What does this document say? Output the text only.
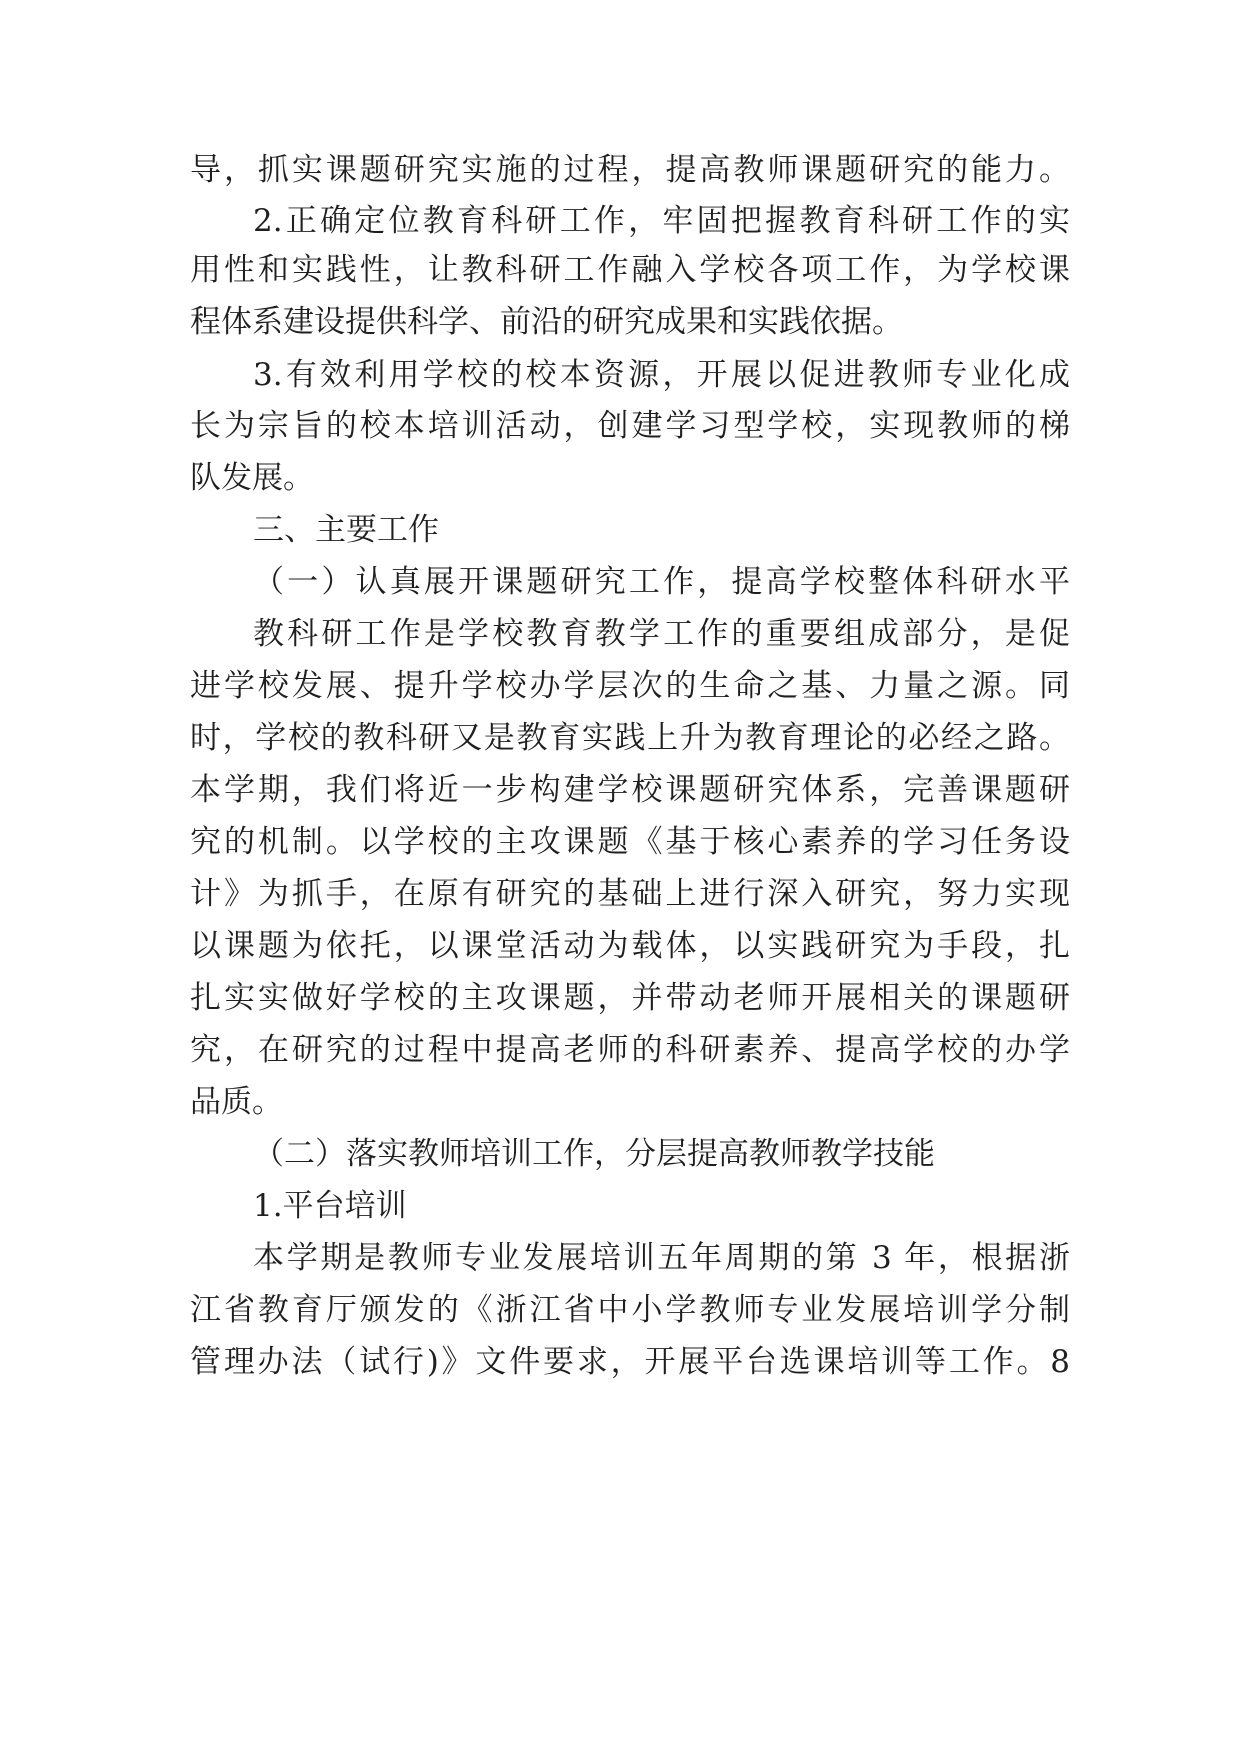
导，抓实课题研究实施的过程，提高教师课题研究的能力。
2.正确定位教育科研工作，牢固把握教育科研工作的实
用性和实践性，让教科研工作融入学校各项工作，为学校课
程体系建设提供科学、前沿的研究成果和实践依据。
3.有效利用学校的校本资源，开展以促进教师专业化成
长为宗旨的校本培训活动，创建学习型学校，实现教师的梯
队发展。
三、主要工作
（一）认真展开课题研究工作，提高学校整体科研水平
教科研工作是学校教育教学工作的重要组成部分，是促
进学校发展、提升学校办学层次的生命之基、力量之源。同
时，学校的教科研又是教育实践上升为教育理论的必经之路。
本学期，我们将近一步构建学校课题研究体系，完善课题研
究的机制。以学校的主攻课题《基于核心素养的学习任务设
计》为抓手，在原有研究的基础上进行深入研究，努力实现
以课题为依托，以课堂活动为载体，以实践研究为手段，扎
扎实实做好学校的主攻课题，并带动老师开展相关的课题研
究，在研究的过程中提高老师的科研素养、提高学校的办学
品质。
（二）落实教师培训工作，分层提高教师教学技能
1.平台培训
本学期是教师专业发展培训五年周期的第 3 年，根据浙
江省教育厅颁发的《浙江省中小学教师专业发展培训学分制
管理办法（试行)》文件要求，开展平台选课培训等工作。8
